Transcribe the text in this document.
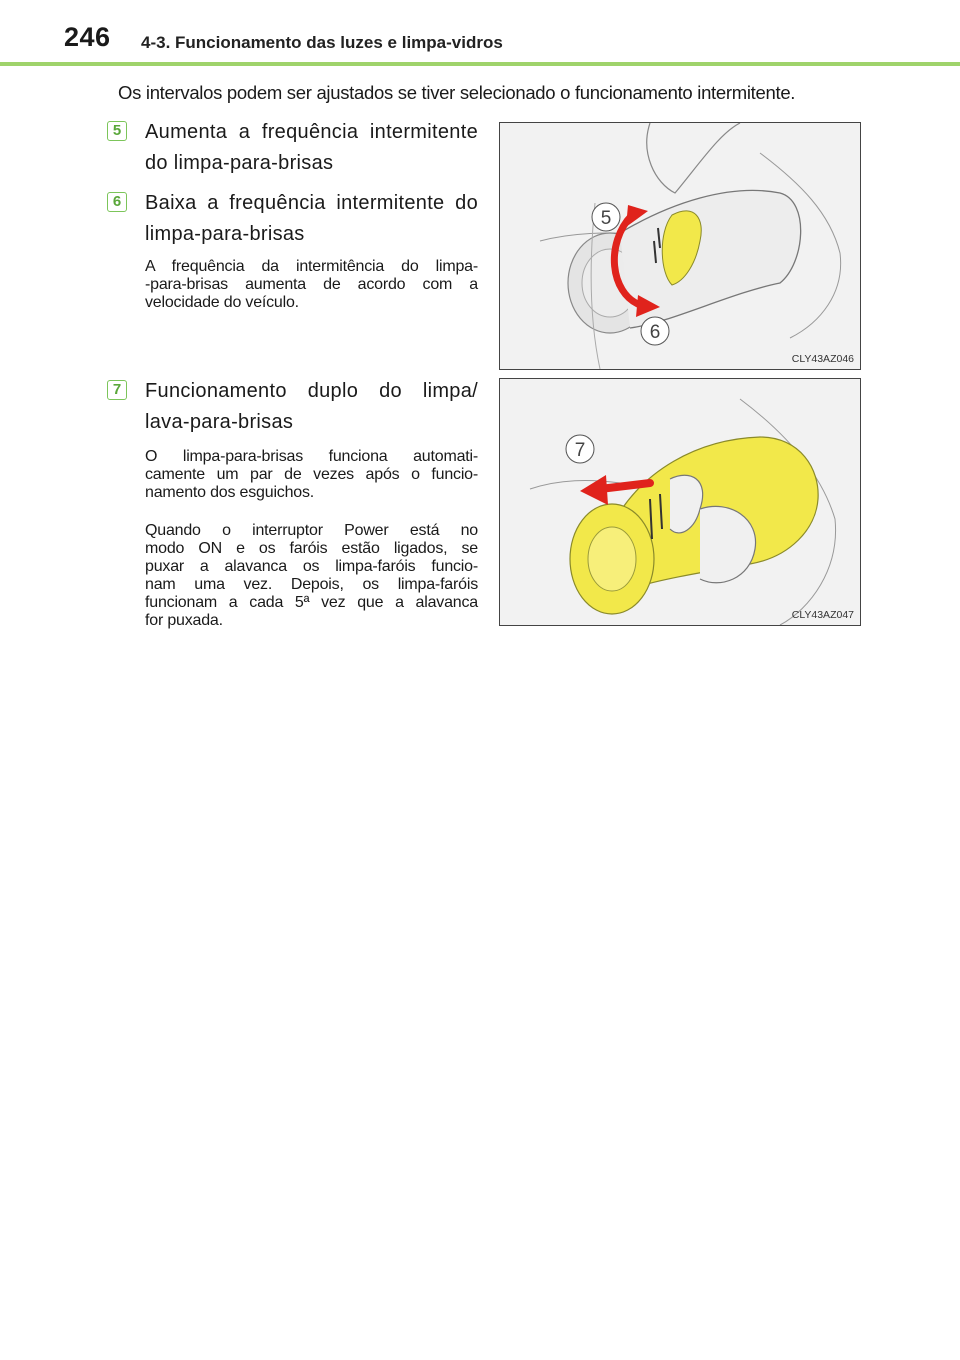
246 4-3. Funcionamento das luzes e limpa-vidros
Os intervalos podem ser ajustados se tiver selecionado o funcionamento intermitente.
5 Aumenta a frequência intermitente
do limpa-para-brisas
6 Baixa a frequência intermitente do
limpa-para-brisas
A frequência da intermitência do limpa-
-para-brisas aumenta de acordo com a
velocidade do veículo.
7 Funcionamento duplo do limpa/
lava-para-brisas
O limpa-para-brisas funciona automati-
camente um par de vezes após o funcio-
namento dos esguichos.
Quando o interruptor Power está no
modo ON e os faróis estão ligados, se
puxar a alavanca os limpa-faróis funcio-
nam uma vez. Depois, os limpa-faróis
funcionam a cada 5ª vez que a alavanca
for puxada.
5
6
CLY43AZ046
7
CLY43AZ047
